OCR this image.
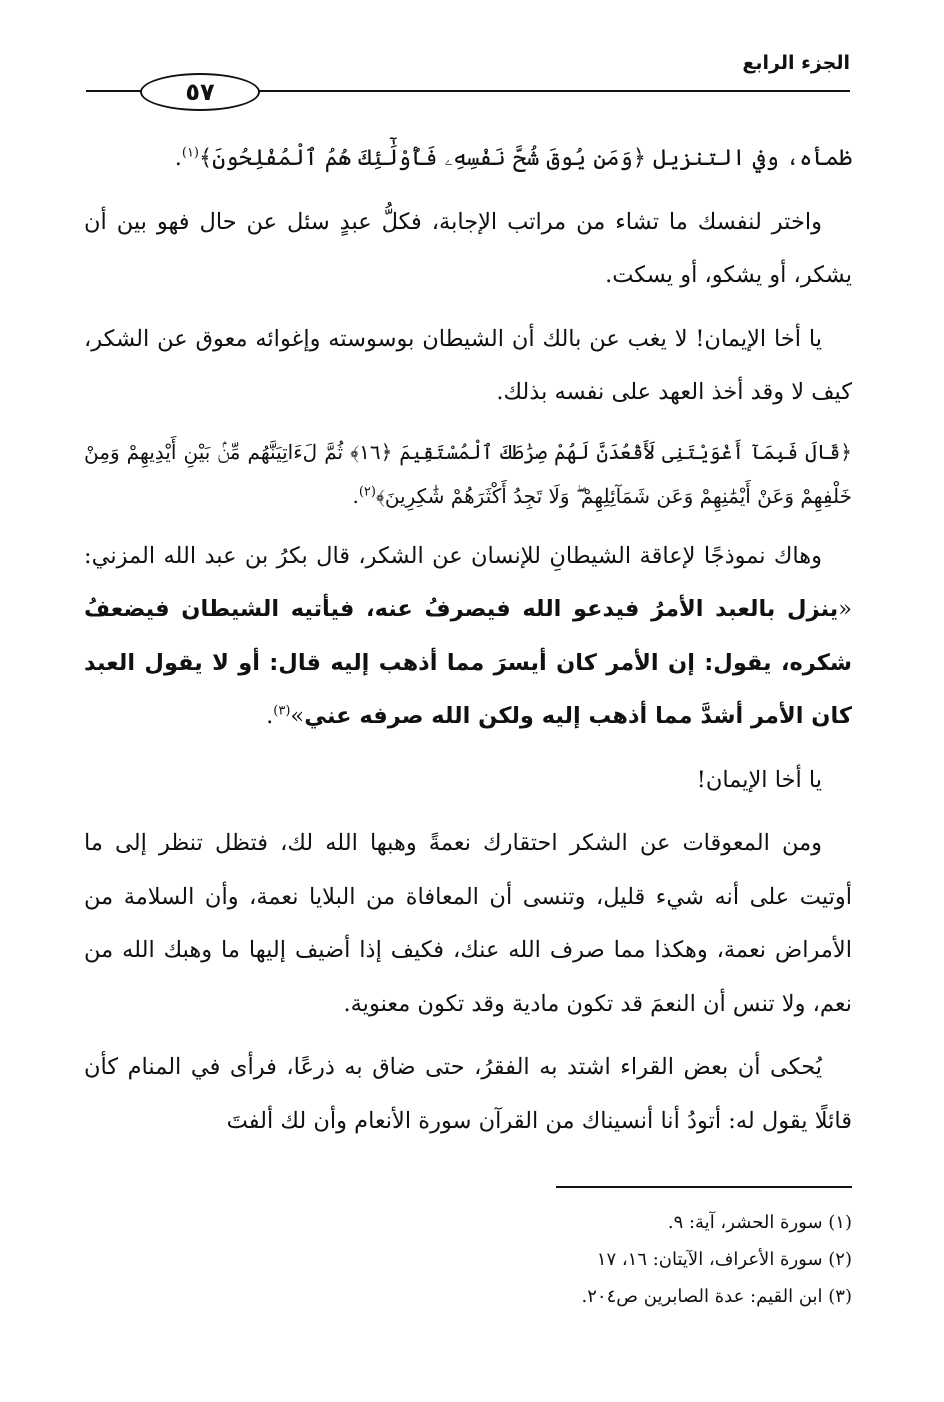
الجزء الرابع
٥٧

ظمأه، وفي التنزيل ﴿وَمَن يُوقَ شُحَّ نَفْسِهِۦ فَأُوْلَٰٓئِكَ هُمُ ٱلْمُفْلِحُونَ﴾$^{(١)}$.

واختر لنفسك ما تشاء من مراتب الإجابة، فكلُّ عبدٍ سئل عن حال فهو بين أن يشكر، أو يشكو، أو يسكت.

يا أخا الإيمان! لا يغب عن بالك أن الشيطان بوسوسته وإغوائه معوق عن الشكر، كيف لا وقد أخذ العهد على نفسه بذلك.

﴿قَالَ فَبِمَآ أَغْوَيْتَنِى لَأَقْعُدَنَّ لَهُمْ صِرَٰطَكَ ٱلْمُسْتَقِيمَ ﴿١٦﴾ ثُمَّ لَءَاتِيَنَّهُم مِّنۢ بَيْنِ أَيْدِيهِمْ وَمِنْ خَلْفِهِمْ وَعَنْ أَيْمَٰنِهِمْ وَعَن شَمَآئِلِهِمْ ۖ وَلَا تَجِدُ أَكْثَرَهُمْ شَٰكِرِينَ﴾$^{(٢)}$.

وهاك نموذجًا لإعاقة الشيطانِ للإنسان عن الشكر، قال بكرُ بن عبد الله المزني: «ينزل بالعبد الأمرُ فيدعو الله فيصرفُ عنه، فيأتيه الشيطان فيضعفُ شكره، يقول: إن الأمر كان أيسرَ مما أذهب إليه قال: أو لا يقول العبد كان الأمر أشدَّ مما أذهب إليه ولكن الله صرفه عني»$^{(٣)}$.

يا أخا الإيمان!

ومن المعوقات عن الشكر احتقارك نعمةً وهبها الله لك، فتظل تنظر إلى ما أوتيت على أنه شيء قليل، وتنسى أن المعافاة من البلايا نعمة، وأن السلامة من الأمراض نعمة، وهكذا مما صرف الله عنك، فكيف إذا أضيف إليها ما وهبك الله من نعم، ولا تنس أن النعمَ قد تكون مادية وقد تكون معنوية.

يُحكى أن بعض القراء اشتد به الفقرُ، حتى ضاق به ذرعًا، فرأى في المنام كأن قائلًا يقول له: أتودُ أنا أنسيناك من القرآن سورة الأنعام وأن لك ألفتَ

(١) سورة الحشر، آية: ٩.
(٢) سورة الأعراف، الآيتان: ١٦، ١٧
(٣) ابن القيم: عدة الصابرين ص٢٠٤.
